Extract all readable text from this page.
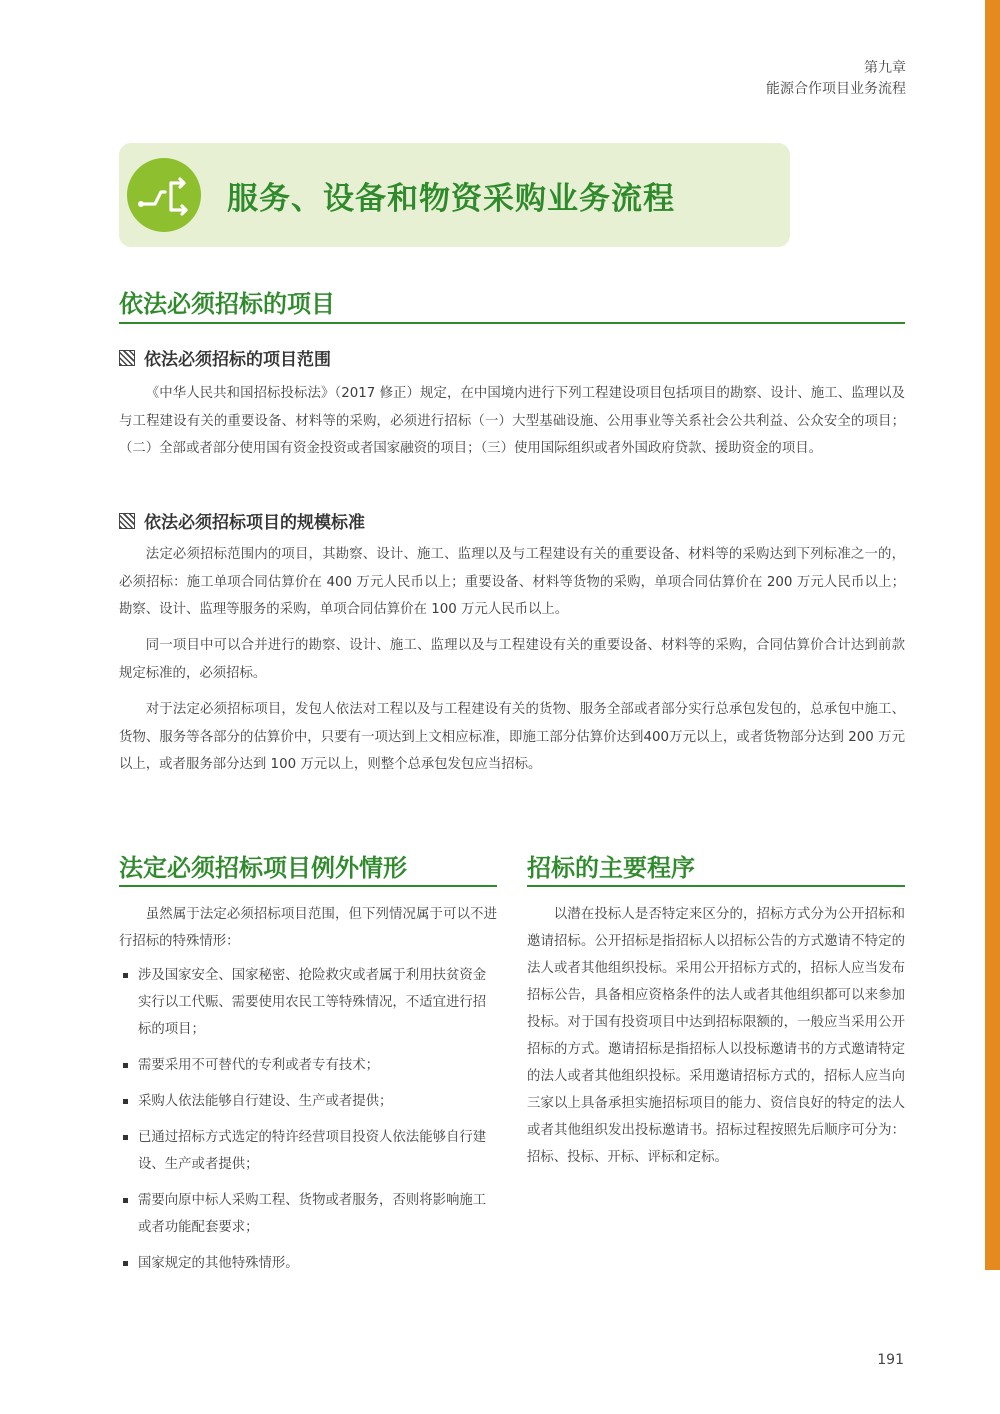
第九章
能源合作项目业务流程
服务、设备和物资采购业务流程
依法必须招标的项目
依法必须招标的项目范围

《中华人民共和国招标投标法》（2017 修正）规定，在中国境内进行下列工程建设项目包括项目的勘察、设计、施工、监理以及与工程建设有关的重要设备、材料等的采购，必须进行招标（一）大型基础设施、公用事业等关系社会公共利益、公众安全的项目；（二）全部或者部分使用国有资金投资或者国家融资的项目；（三）使用国际组织或者外国政府贷款、援助资金的项目。

依法必须招标项目的规模标准

法定必须招标范围内的项目，其勘察、设计、施工、监理以及与工程建设有关的重要设备、材料等的采购达到下列标准之一的，必须招标：施工单项合同估算价在 400 万元人民币以上；重要设备、材料等货物的采购，单项合同估算价在 200 万元人民币以上；勘察、设计、监理等服务的采购，单项合同估算价在 100 万元人民币以上。

同一项目中可以合并进行的勘察、设计、施工、监理以及与工程建设有关的重要设备、材料等的采购，合同估算价合计达到前款规定标准的，必须招标。

对于法定必须招标项目，发包人依法对工程以及与工程建设有关的货物、服务全部或者部分实行总承包发包的，总承包中施工、货物、服务等各部分的估算价中，只要有一项达到上文相应标准，即施工部分估算价达到400万元以上，或者货物部分达到 200 万元以上，或者服务部分达到 100 万元以上，则整个总承包发包应当招标。

法定必须招标项目例外情形

虽然属于法定必须招标项目范围，但下列情况属于可以不进行招标的特殊情形：

涉及国家安全、国家秘密、抢险救灾或者属于利用扶贫资金实行以工代赈、需要使用农民工等特殊情况，不适宜进行招标的项目；
需要采用不可替代的专利或者专有技术；
采购人依法能够自行建设、生产或者提供；
已通过招标方式选定的特许经营项目投资人依法能够自行建设、生产或者提供；
需要向原中标人采购工程、货物或者服务，否则将影响施工或者功能配套要求；
国家规定的其他特殊情形。
招标的主要程序

以潜在投标人是否特定来区分的，招标方式分为公开招标和邀请招标。公开招标是指招标人以招标公告的方式邀请不特定的法人或者其他组织投标。采用公开招标方式的，招标人应当发布招标公告，具备相应资格条件的法人或者其他组织都可以来参加投标。对于国有投资项目中达到招标限额的，一般应当采用公开招标的方式。邀请招标是指招标人以投标邀请书的方式邀请特定的法人或者其他组织投标。采用邀请招标方式的，招标人应当向三家以上具备承担实施招标项目的能力、资信良好的特定的法人或者其他组织发出投标邀请书。招标过程按照先后顺序可分为：招标、投标、开标、评标和定标。

191
